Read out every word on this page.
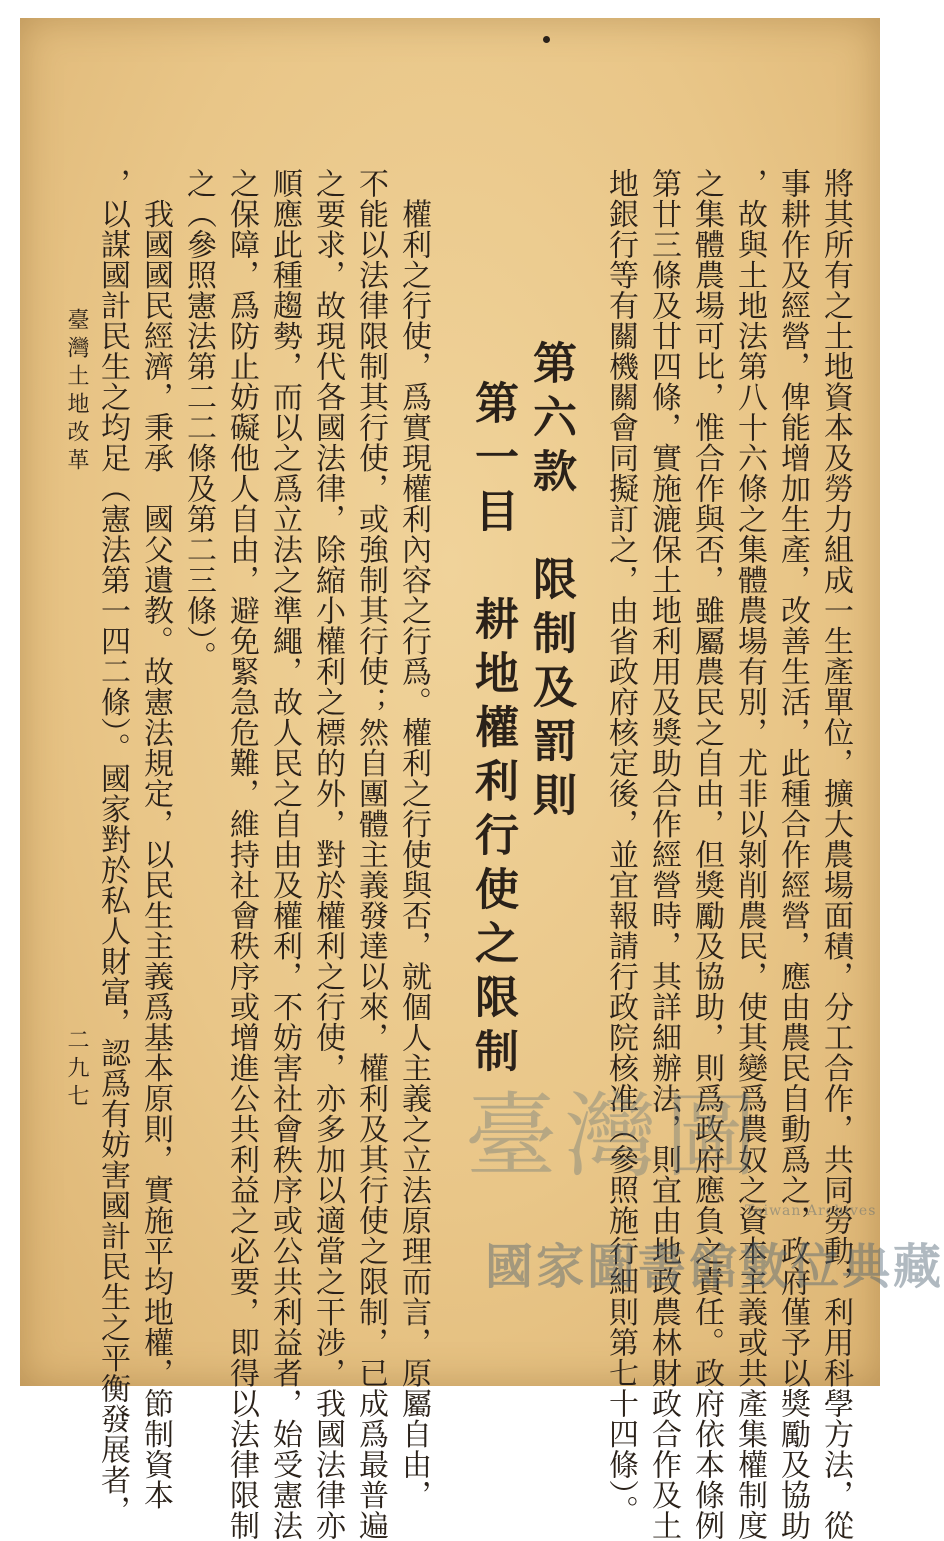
將其所有之土地資本及勞力組成一生產單位，擴大農場面積，分工合作，共同勞動，利用科學方法，從
事耕作及經營，俾能增加生產，改善生活，此種合作經營，應由農民自動爲之，政府僅予以獎勵及協助
，故與土地法第八十六條之集體農場有別，尤非以剝削農民，使其變爲農奴之資本主義或共產集權制度
之集體農場可比，惟合作與否，雖屬農民之自由，但獎勵及協助，則爲政府應負之責任。政府依本條例
第廿三條及廿四條，實施漉保土地利用及獎助合作經營時，其詳細辦法，則宜由地政農林財政合作及土
地銀行等有關機關會同擬訂之，由省政府核定後，並宜報請行政院核准（參照施行細則第七十四條）。
第六款　限制及罰則
第一目　耕地權利行使之限制
　權利之行使，爲實現權利內容之行爲。權利之行使與否，就個人主義之立法原理而言，原屬自由，
不能以法律限制其行使，或強制其行使；然自團體主義發達以來，權利及其行使之限制，已成爲最普遍
之要求，故現代各國法律，除縮小權利之標的外，對於權利之行使，亦多加以適當之干涉，我國法律亦
順應此種趨勢，而以之爲立法之準繩，故人民之自由及權利，不妨害社會秩序或公共利益者，始受憲法
之保障，爲防止妨礙他人自由，避免緊急危難，維持社會秩序或增進公共利益之必要，即得以法律限制
之（參照憲法第二二條及第二三條）。
　我國國民經濟，秉承　國父遺教。故憲法規定，以民生主義爲基本原則，實施平均地權，節制資本
，以謀國計民生之均足（憲法第一四二條）。國家對於私人財富，認爲有妨害國計民生之平衡發展者，
臺灣土地改革
二九七
臺灣圖
Taiwan Archives
國家圖書館數位典藏
